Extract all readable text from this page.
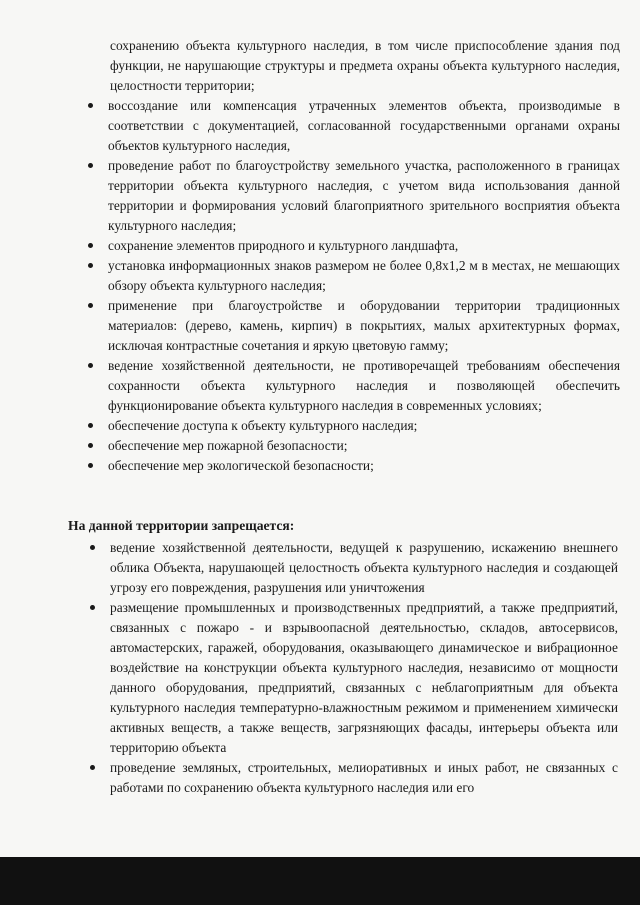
сохранению объекта культурного наследия, в том числе приспособление здания под функции, не нарушающие структуры и предмета охраны объекта культурного наследия, целостности территории;
воссоздание или компенсация утраченных элементов объекта, производимые в соответствии с документацией, согласованной государственными органами охраны объектов культурного наследия,
проведение работ по благоустройству земельного участка, расположенного в границах территории объекта культурного наследия, с учетом вида использования данной территории и формирования условий благоприятного зрительного восприятия объекта культурного наследия;
сохранение элементов природного и культурного ландшафта,
установка информационных знаков размером не более 0,8х1,2 м в местах, не мешающих обзору объекта культурного наследия;
применение при благоустройстве и оборудовании территории традиционных материалов: (дерево, камень, кирпич) в покрытиях, малых архитектурных формах, исключая контрастные сочетания и яркую цветовую гамму;
ведение хозяйственной деятельности, не противоречащей требованиям обеспечения сохранности объекта культурного наследия и позволяющей обеспечить функционирование объекта культурного наследия в современных условиях;
обеспечение доступа к объекту культурного наследия;
обеспечение мер пожарной безопасности;
обеспечение мер экологической безопасности;
На данной территории запрещается:
ведение хозяйственной деятельности, ведущей к разрушению, искажению внешнего облика Объекта, нарушающей целостность объекта культурного наследия и создающей угрозу его повреждения, разрушения или уничтожения
размещение промышленных и производственных предприятий, а также предприятий, связанных с пожаро - и взрывоопасной деятельностью, складов, автосервисов, автомастерских, гаражей, оборудования, оказывающего динамическое и вибрационное воздействие на конструкции объекта культурного наследия, независимо от мощности данного оборудования, предприятий, связанных с неблагоприятным для объекта культурного наследия температурно-влажностным режимом и применением химически активных веществ, а также веществ, загрязняющих фасады, интерьеры объекта или территорию объекта
проведение земляных, строительных, мелиоративных и иных работ, не связанных с работами по сохранению объекта культурного наследия или его
